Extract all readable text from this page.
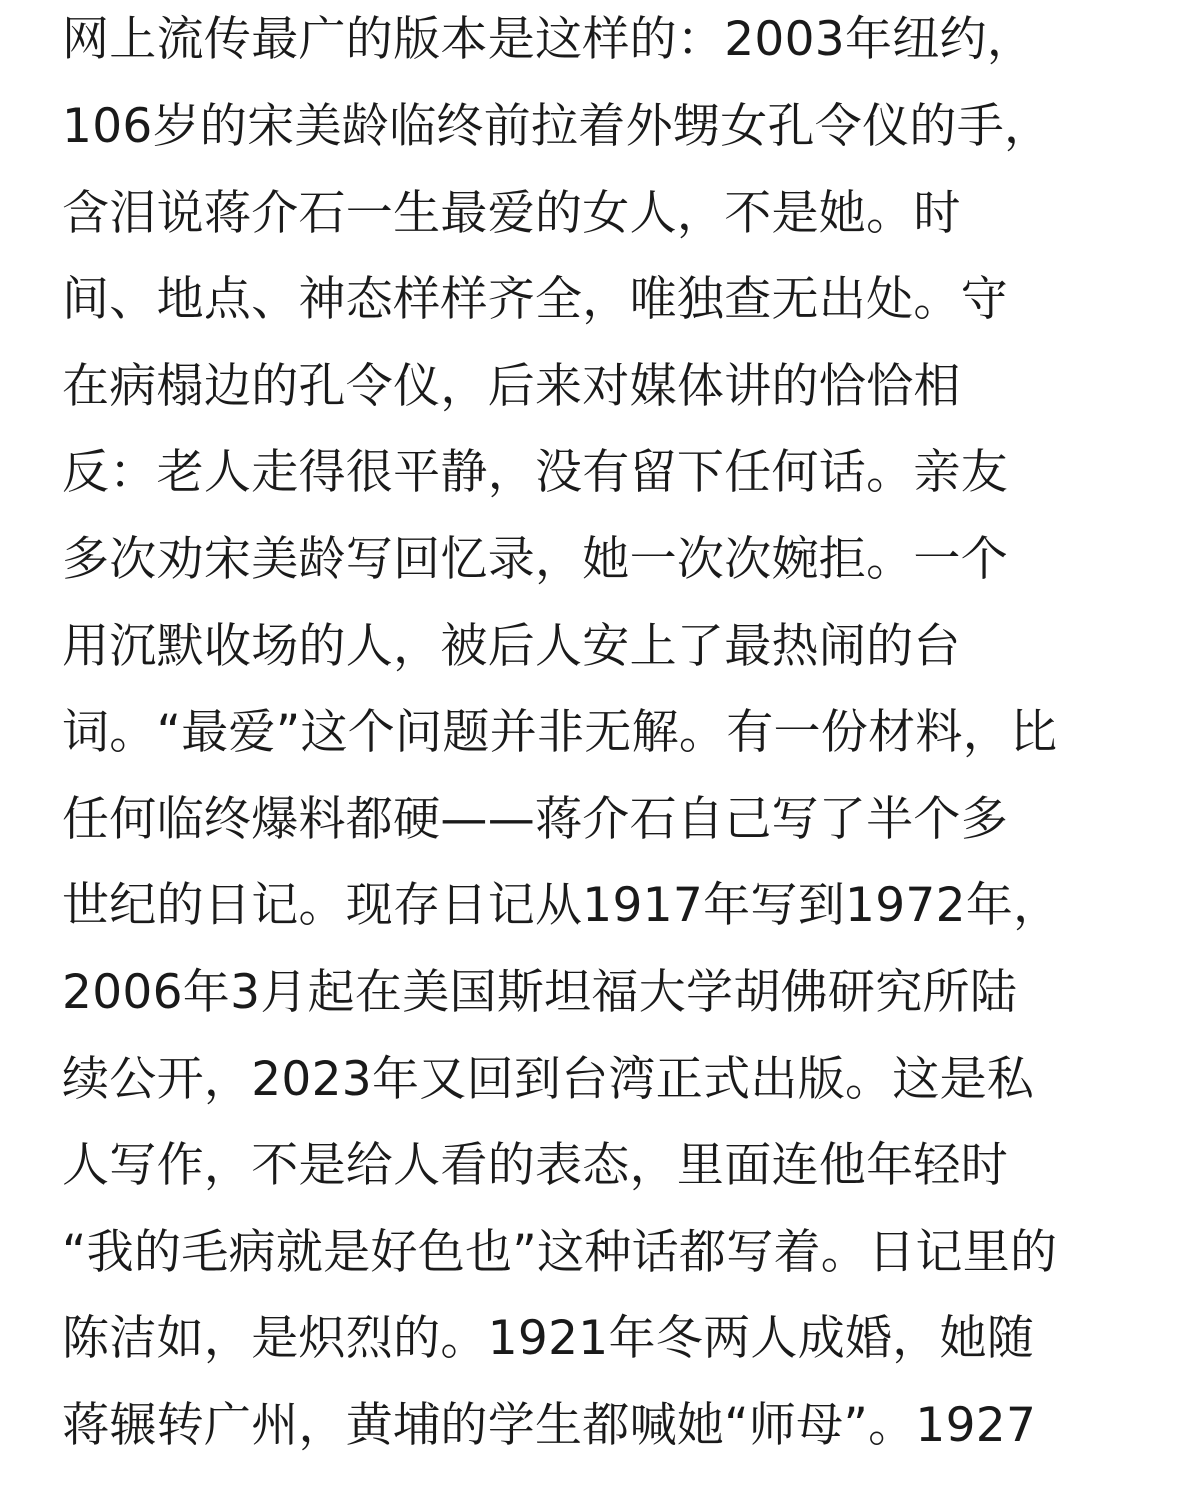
网上流传最广的版本是这样的：2003年纽约，
106岁的宋美龄临终前拉着外甥女孔令仪的手，
含泪说蒋介石一生最爱的女人，不是她。时
间、地点、神态样样齐全，唯独查无出处。守
在病榻边的孔令仪，后来对媒体讲的恰恰相
反：老人走得很平静，没有留下任何话。亲友
多次劝宋美龄写回忆录，她一次次婉拒。一个
用沉默收场的人，被后人安上了最热闹的台
词。“最爱”这个问题并非无解。有一份材料，比
任何临终爆料都硬——蒋介石自己写了半个多
世纪的日记。现存日记从1917年写到1972年，
2006年3月起在美国斯坦福大学胡佛研究所陆
续公开，2023年又回到台湾正式出版。这是私
人写作，不是给人看的表态，里面连他年轻时
“我的毛病就是好色也”这种话都写着。日记里的
陈洁如，是炽烈的。1921年冬两人成婚，她随
蒋辗转广州，黄埔的学生都喊她“师母”。1927
